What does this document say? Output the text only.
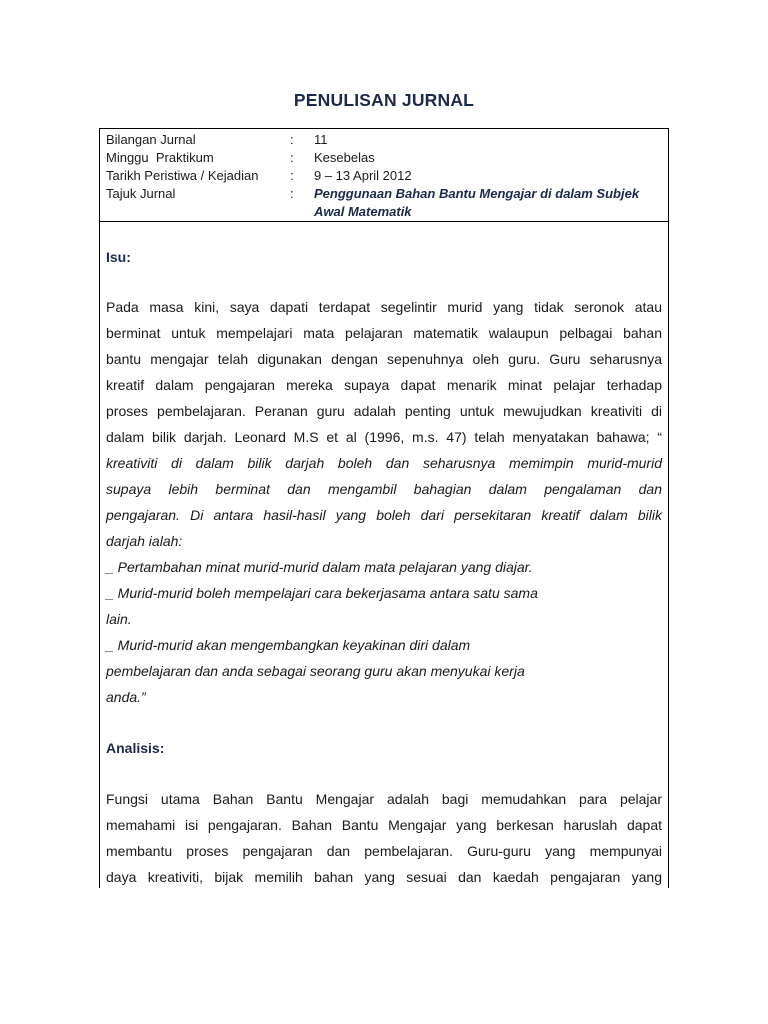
PENULISAN JURNAL
Bilangan Jurnal	:	11
Minggu  Praktikum	:	Kesebelas
Tarikh Peristiwa / Kejadian	:	9 – 13 April 2012
Tajuk Jurnal	:	Penggunaan Bahan Bantu Mengajar di dalam Subjek
Awal Matematik

Isu:

Pada masa kini, saya dapati terdapat segelintir murid yang tidak seronok atau

berminat untuk mempelajari mata pelajaran matematik walaupun pelbagai bahan

bantu mengajar telah digunakan dengan sepenuhnya oleh guru. Guru seharusnya

kreatif dalam pengajaran mereka supaya dapat menarik minat pelajar terhadap

proses pembelajaran. Peranan guru adalah penting untuk mewujudkan kreativiti di

dalam bilik darjah. Leonard M.S et al (1996, m.s. 47) telah menyatakan bahawa; “

kreativiti di dalam bilik darjah boleh dan seharusnya memimpin murid-murid

supaya lebih berminat dan mengambil bahagian dalam pengalaman dan

pengajaran. Di antara hasil-hasil yang boleh dari persekitaran kreatif dalam bilik

darjah ialah:

_ Pertambahan minat murid-murid dalam mata pelajaran yang diajar.

_ Murid-murid boleh mempelajari cara bekerjasama antara satu sama

lain.

_ Murid-murid akan mengembangkan keyakinan diri dalam

pembelajaran dan anda sebagai seorang guru akan menyukai kerja

anda.”

Analisis:

Fungsi utama Bahan Bantu Mengajar adalah bagi memudahkan para pelajar

memahami isi pengajaran. Bahan Bantu Mengajar yang berkesan haruslah dapat

membantu proses pengajaran dan pembelajaran. Guru-guru yang mempunyai

daya kreativiti, bijak memilih bahan yang sesuai dan kaedah pengajaran yang
